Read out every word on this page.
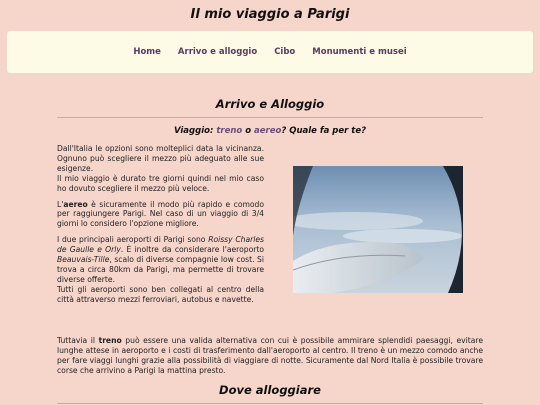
Il mio viaggio a Parigi
Home Arrivo e alloggio Cibo Monumenti e musei
Arrivo e Alloggio
Viaggio: treno o aereo? Quale fa per te?

Dall'Italia le opzioni sono molteplici data la vicinanza. Ognuno può scegliere il mezzo più adeguato alle sue esigenze.
Il mio viaggio è durato tre giorni quindi nel mio caso ho dovuto scegliere il mezzo più veloce.

L'aereo è sicuramente il modo più rapido e comodo per raggiungere Parigi. Nel caso di un viaggio di 3/4 giorni lo considero l'opzione migliore.

I due principali aeroporti di Parigi sono Roissy Charles de Gaulle e Orly. È inoltre da considerare l'aeroporto Beauvais-Tille, scalo di diverse compagnie low cost. Si trova a circa 80km da Parigi, ma permette di trovare diverse offerte.
Tutti gli aeroporti sono ben collegati al centro della città attraverso mezzi ferroviari, autobus e navette.

Tuttavia il treno può essere una valida alternativa con cui è possibile ammirare splendidi paesaggi, evitare lunghe attese in aeroporto e i costi di trasferimento dall'aeroporto al centro. Il treno è un mezzo comodo anche per fare viaggi lunghi grazie alla possibilità di viaggiare di notte. Sicuramente dal Nord Italia è possibile trovare corse che arrivino a Parigi la mattina presto.

Dove alloggiare
